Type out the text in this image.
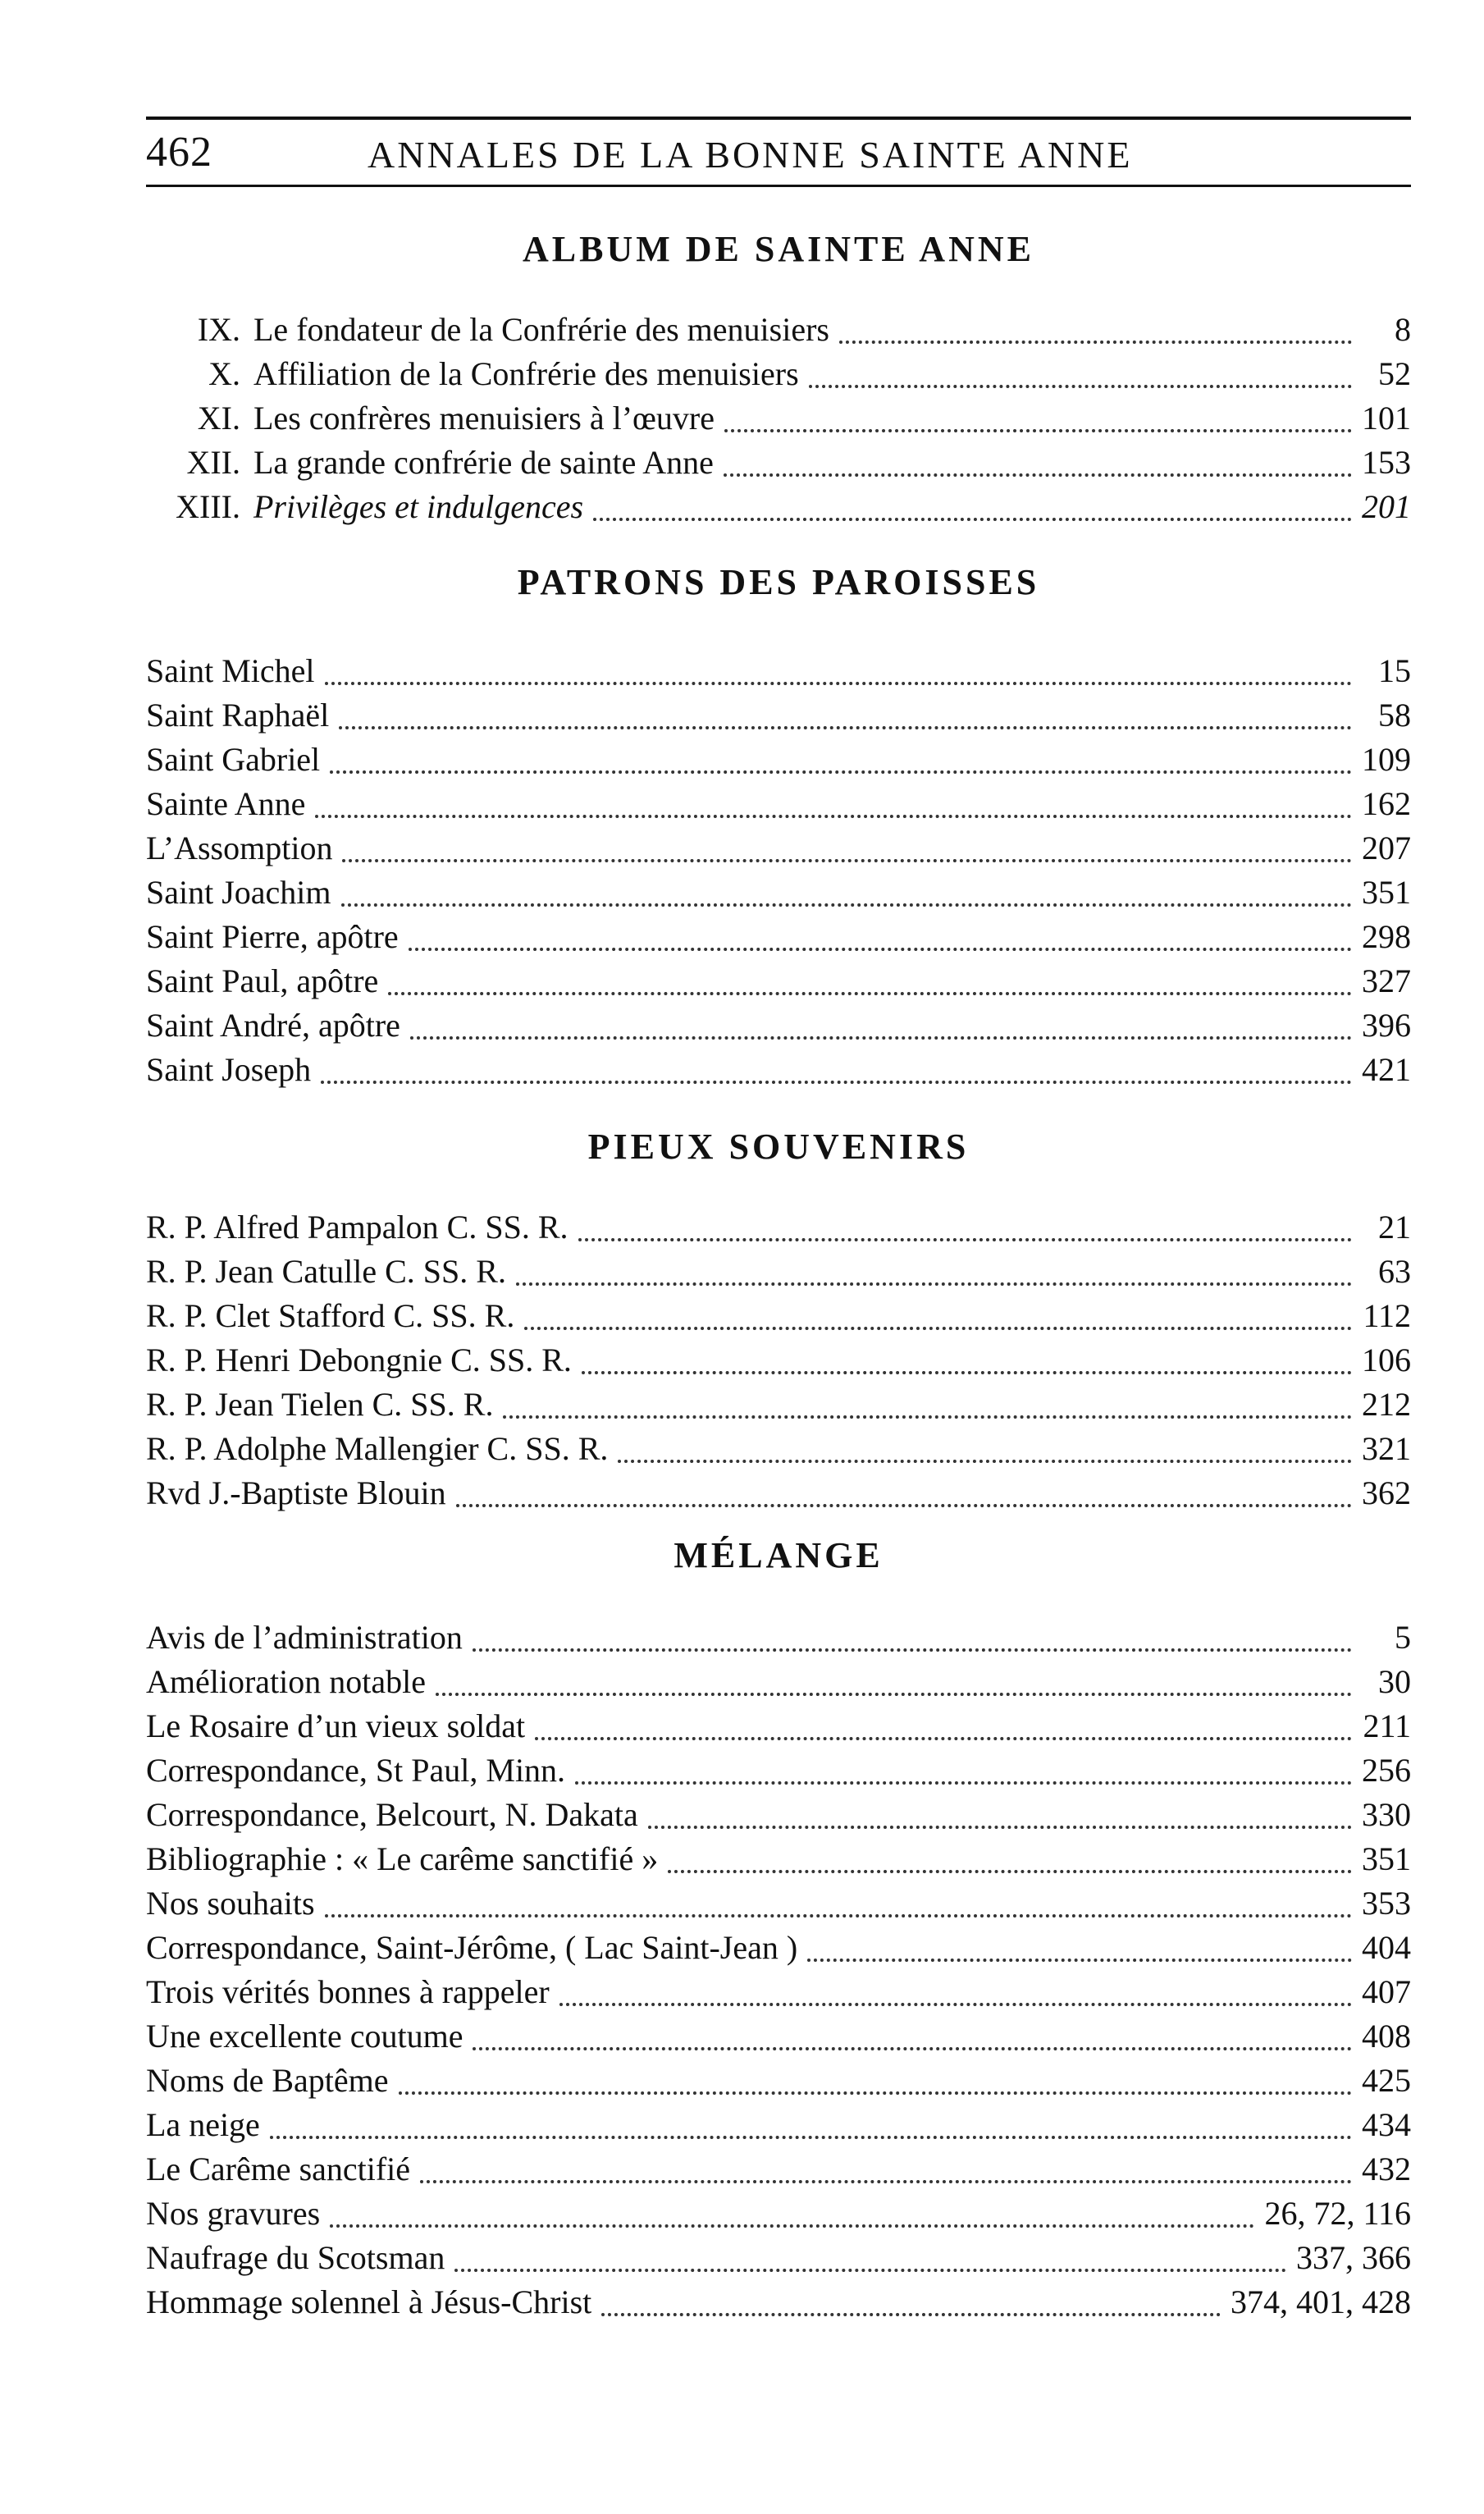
462	ANNALES DE LA BONNE SAINTE ANNE
ALBUM DE SAINTE ANNE
IX. Le fondateur de la Confrérie des menuisiers	8
X. Affiliation de la Confrérie des menuisiers	52
XI. Les confrères menuisiers à l’œuvre	101
XII. La grande confrérie de sainte Anne	153
XIII. Privilèges et indulgences	201
PATRONS DES PAROISSES
Saint Michel	15
Saint Raphaël	58
Saint Gabriel	109
Sainte Anne	162
L’Assomption	207
Saint Joachim	351
Saint Pierre, apôtre	298
Saint Paul, apôtre	327
Saint André, apôtre	396
Saint Joseph	421
PIEUX SOUVENIRS
R. P. Alfred Pampalon C. SS. R.	21
R. P. Jean Catulle C. SS. R.	63
R. P. Clet Stafford C. SS. R.	112
R. P. Henri Debongnie C. SS. R.	106
R. P. Jean Tielen C. SS. R.	212
R. P. Adolphe Mallengier C. SS. R.	321
Rvd J.-Baptiste Blouin	362
MÉLANGE
Avis de l’administration	5
Amélioration notable	30
Le Rosaire d’un vieux soldat	211
Correspondance, St Paul, Minn.	256
Correspondance, Belcourt, N. Dakata	330
Bibliographie : « Le carême sanctifié »	351
Nos souhaits	353
Correspondance, Saint-Jérôme, ( Lac Saint-Jean )	404
Trois vérités bonnes à rappeler	407
Une excellente coutume	408
Noms de Baptême	425
La neige	434
Le Carême sanctifié	432
Nos gravures	26, 72, 116
Naufrage du Scotsman	337, 366
Hommage solennel à Jésus-Christ	374, 401, 428
